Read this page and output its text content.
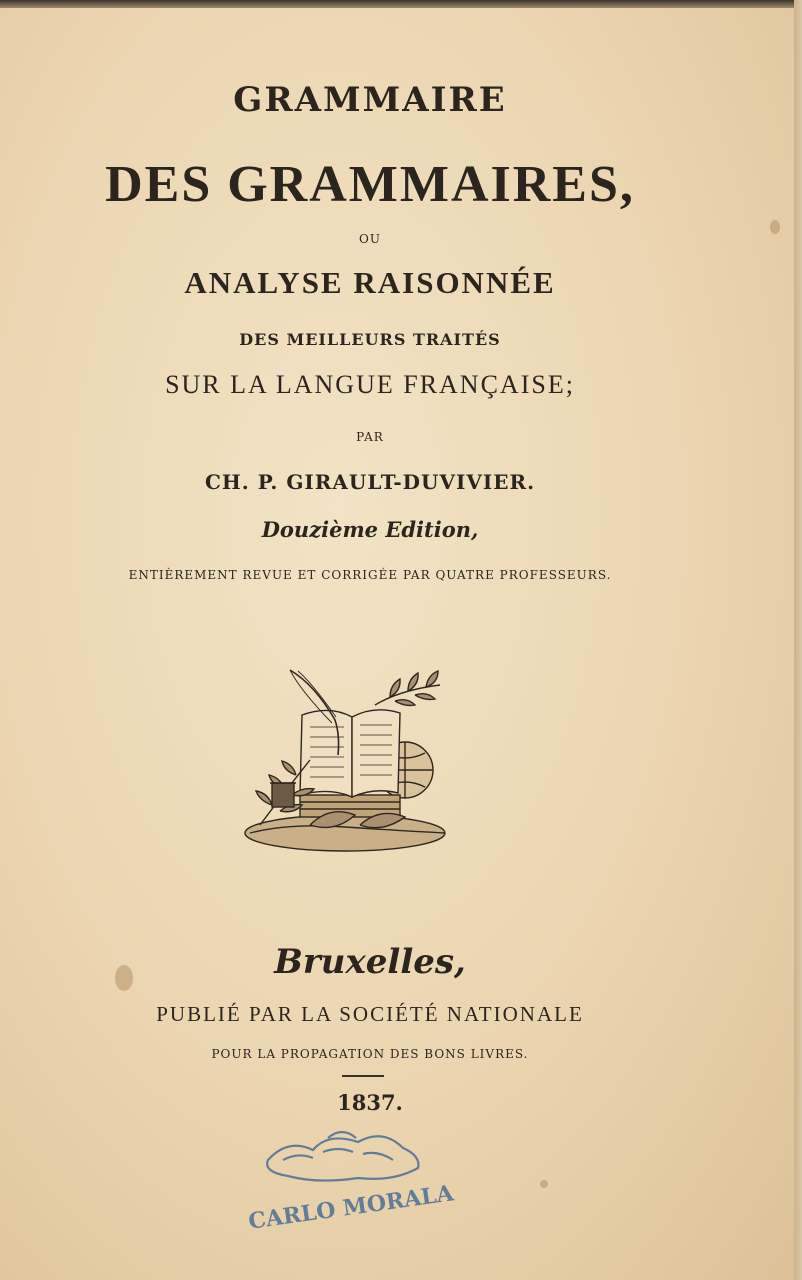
GRAMMAIRE

DES GRAMMAIRES,

OU

ANALYSE RAISONNÉE

DES MEILLEURS TRAITÉS

SUR LA LANGUE FRANÇAISE;

PAR

CH. P. GIRAULT-DUVIVIER.

Douzième Edition,

ENTIÈREMENT REVUE ET CORRIGÉE PAR QUATRE PROFESSEURS.

Bruxelles,

PUBLIÉ PAR LA SOCIÉTÉ NATIONALE

POUR LA PROPAGATION DES BONS LIVRES.

1837.

CARLO MORALA
